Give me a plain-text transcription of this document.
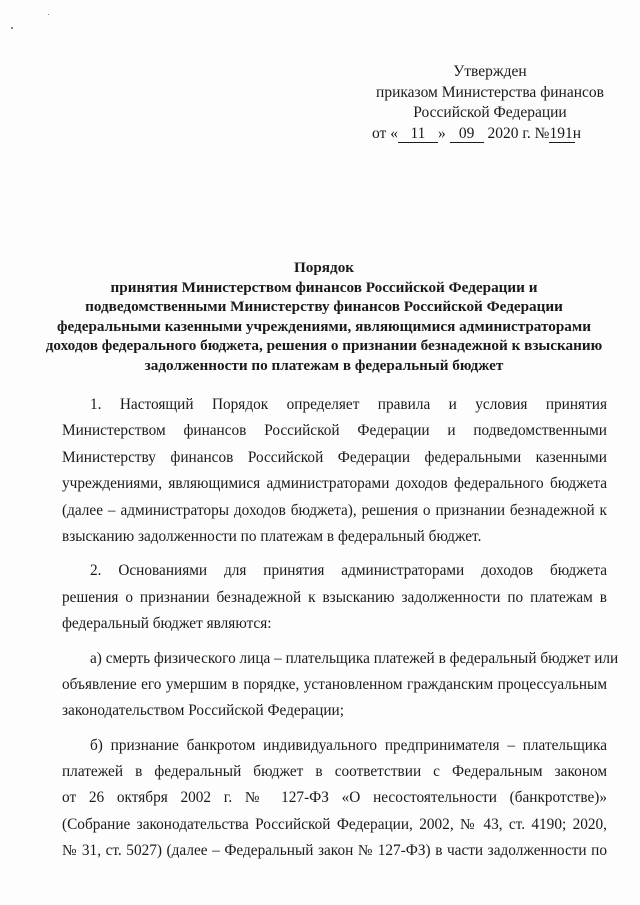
Утвержден
приказом Министерства финансов
Российской Федерации
от « 11 » 09 2020 г. №191н
Порядок
принятия Министерством финансов Российской Федерации и
подведомственными Министерству финансов Российской Федерации
федеральными казенными учреждениями, являющимися администраторами
доходов федерального бюджета, решения о признании безнадежной к взысканию
задолженности по платежам в федеральный бюджет
1. Настоящий Порядок определяет правила и условия принятия
Министерством финансов Российской Федерации и подведомственными
Министерству финансов Российской Федерации федеральными казенными
учреждениями, являющимися администраторами доходов федерального бюджета
(далее – администраторы доходов бюджета), решения о признании безнадежной к
взысканию задолженности по платежам в федеральный бюджет.
2. Основаниями для принятия администраторами доходов бюджета
решения о признании безнадежной к взысканию задолженности по платежам в
федеральный бюджет являются:
а) смерть физического лица – плательщика платежей в федеральный бюджет или
объявление его умершим в порядке, установленном гражданским процессуальным
законодательством Российской Федерации;
б) признание банкротом индивидуального предпринимателя – плательщика
платежей в федеральный бюджет в соответствии с Федеральным законом
от 26 октября 2002 г. № 127-ФЗ «О несостоятельности (банкротстве)»
(Собрание законодательства Российской Федерации, 2002, № 43, ст. 4190; 2020,
№ 31, ст. 5027) (далее – Федеральный закон № 127-ФЗ) в части задолженности по
